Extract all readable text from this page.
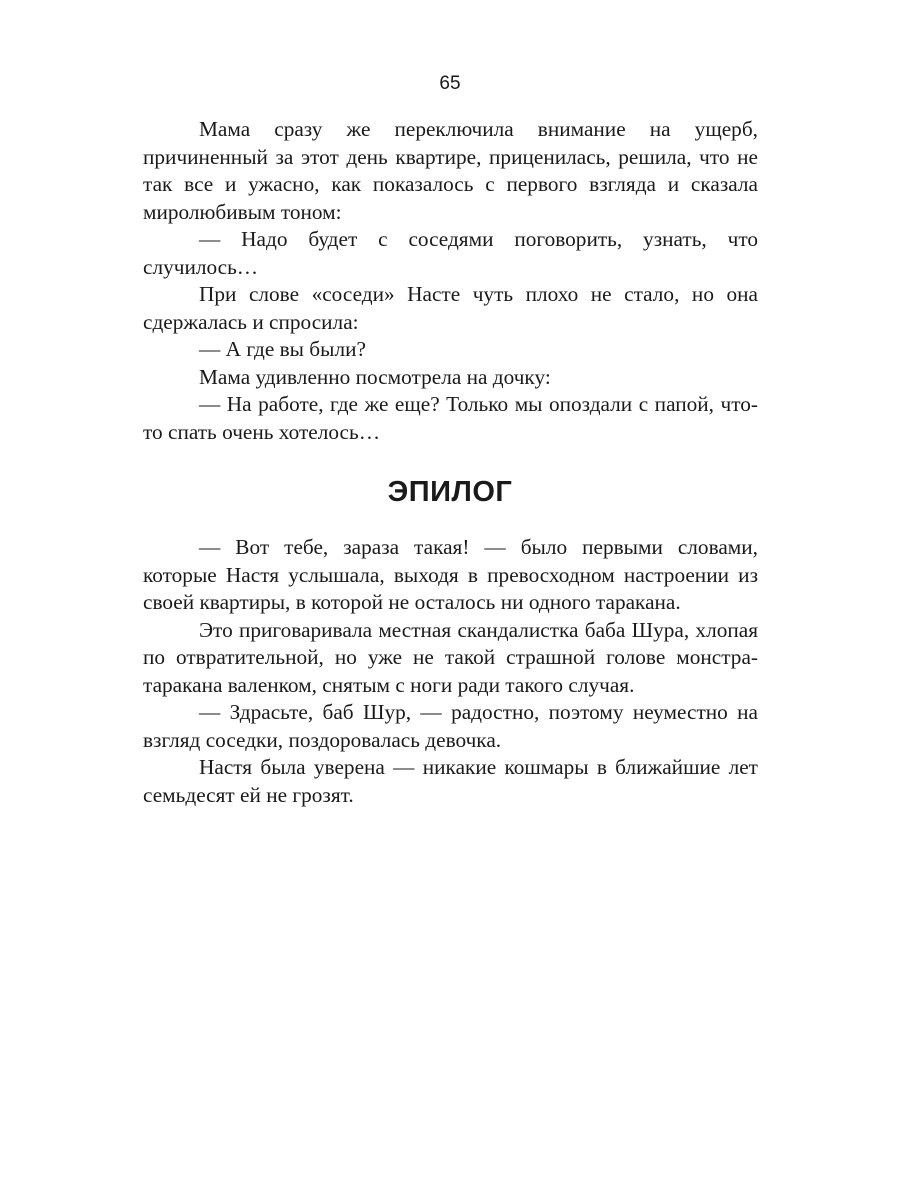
65

Мама сразу же переключила внимание на ущерб, причиненный за этот день квартире, приценилась, решила, что не так все и ужасно, как показалось с первого взгляда и сказала миролюбивым тоном:

— Надо будет с соседями поговорить, узнать, что случилось…

При слове «соседи» Насте чуть плохо не стало, но она сдержалась и спросила:

— А где вы были?

Мама удивленно посмотрела на дочку:

— На работе, где же еще? Только мы опоздали с папой, что-то спать очень хотелось…

ЭПИЛОГ

— Вот тебе, зараза такая! — было первыми словами, которые Настя услышала, выходя в превосходном настроении из своей квартиры, в которой не осталось ни одного таракана.

Это приговаривала местная скандалистка баба Шура, хлопая по отвратительной, но уже не такой страшной голове монстра-таракана валенком, снятым с ноги ради такого случая.

— Здрасьте, баб Шур, — радостно, поэтому неуместно на взгляд соседки, поздоровалась девочка.

Настя была уверена — никакие кошмары в ближайшие лет семьдесят ей не грозят.
